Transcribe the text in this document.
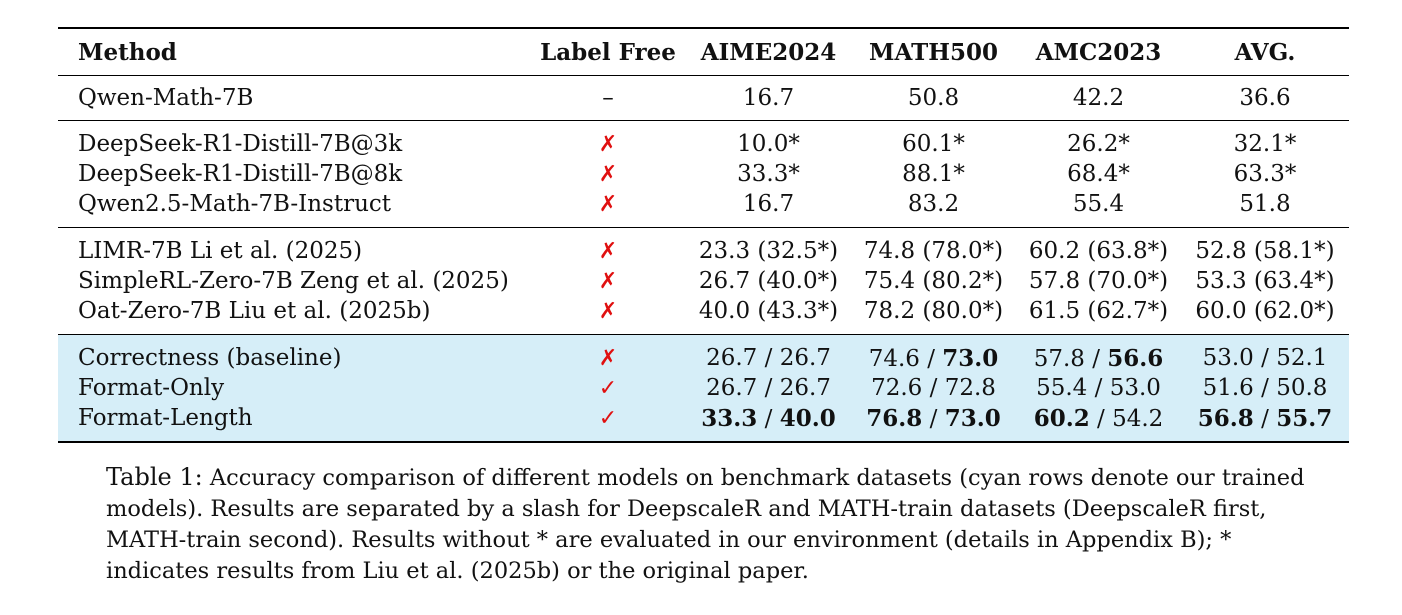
Method	Label Free	AIME2024	MATH500	AMC2023	AVG.
Qwen-Math-7B	–	16.7	50.8	42.2	36.6
DeepSeek-R1-Distill-7B@3k	✗	10.0*	60.1*	26.2*	32.1*
DeepSeek-R1-Distill-7B@8k	✗	33.3*	88.1*	68.4*	63.3*
Qwen2.5-Math-7B-Instruct	✗	16.7	83.2	55.4	51.8
LIMR-7B Li et al. (2025)	✗	23.3 (32.5*)	74.8 (78.0*)	60.2 (63.8*)	52.8 (58.1*)
SimpleRL-Zero-7B Zeng et al. (2025)	✗	26.7 (40.0*)	75.4 (80.2*)	57.8 (70.0*)	53.3 (63.4*)
Oat-Zero-7B Liu et al. (2025b)	✗	40.0 (43.3*)	78.2 (80.0*)	61.5 (62.7*)	60.0 (62.0*)
Correctness (baseline)	✗	26.7 / 26.7	74.6 / 73.0	57.8 / 56.6	53.0 / 52.1
Format-Only	✓	26.7 / 26.7	72.6 / 72.8	55.4 / 53.0	51.6 / 50.8
Format-Length	✓	33.3 / 40.0	76.8 / 73.0	60.2 / 54.2	56.8 / 55.7
Table 1: Accuracy comparison of different models on benchmark datasets (cyan rows denote our trained models). Results are separated by a slash for DeepscaleR and MATH-train datasets (DeepscaleR first, MATH-train second). Results without * are evaluated in our environment (details in Appendix B); * indicates results from Liu et al. (2025b) or the original paper.
